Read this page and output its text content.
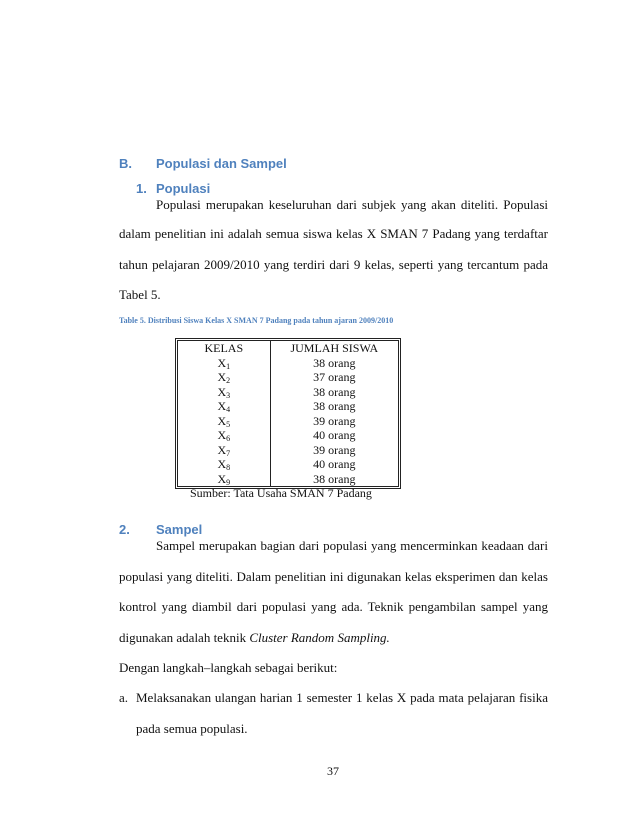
B. Populasi dan Sampel
1. Populasi
Populasi merupakan keseluruhan dari subjek yang akan diteliti. Populasi
dalam penelitian ini adalah semua siswa kelas X SMAN 7 Padang yang terdaftar
tahun pelajaran 2009/2010 yang terdiri dari 9 kelas, seperti yang tercantum pada
Tabel 5.
Table 5. Distribusi Siswa Kelas X SMAN 7 Padang pada tahun ajaran 2009/2010
KELAS	JUMLAH SISWA
$X_1$	38 orang
$X_2$	37 orang
$X_3$	38 orang
$X_4$	38 orang
$X_5$	39 orang
$X_6$	40 orang
$X_7$	39 orang
$X_8$	40 orang
$X_9$	38 orang
Sumber: Tata Usaha SMAN 7 Padang
2. Sampel
Sampel merupakan bagian dari populasi yang mencerminkan keadaan dari
populasi yang diteliti. Dalam penelitian ini digunakan kelas eksperimen dan kelas
kontrol yang diambil dari populasi yang ada. Teknik pengambilan sampel yang
digunakan adalah teknik Cluster Random Sampling.
Dengan langkah–langkah sebagai berikut:
a. Melaksanakan ulangan harian 1 semester 1 kelas X pada mata pelajaran fisika
pada semua populasi.
37
